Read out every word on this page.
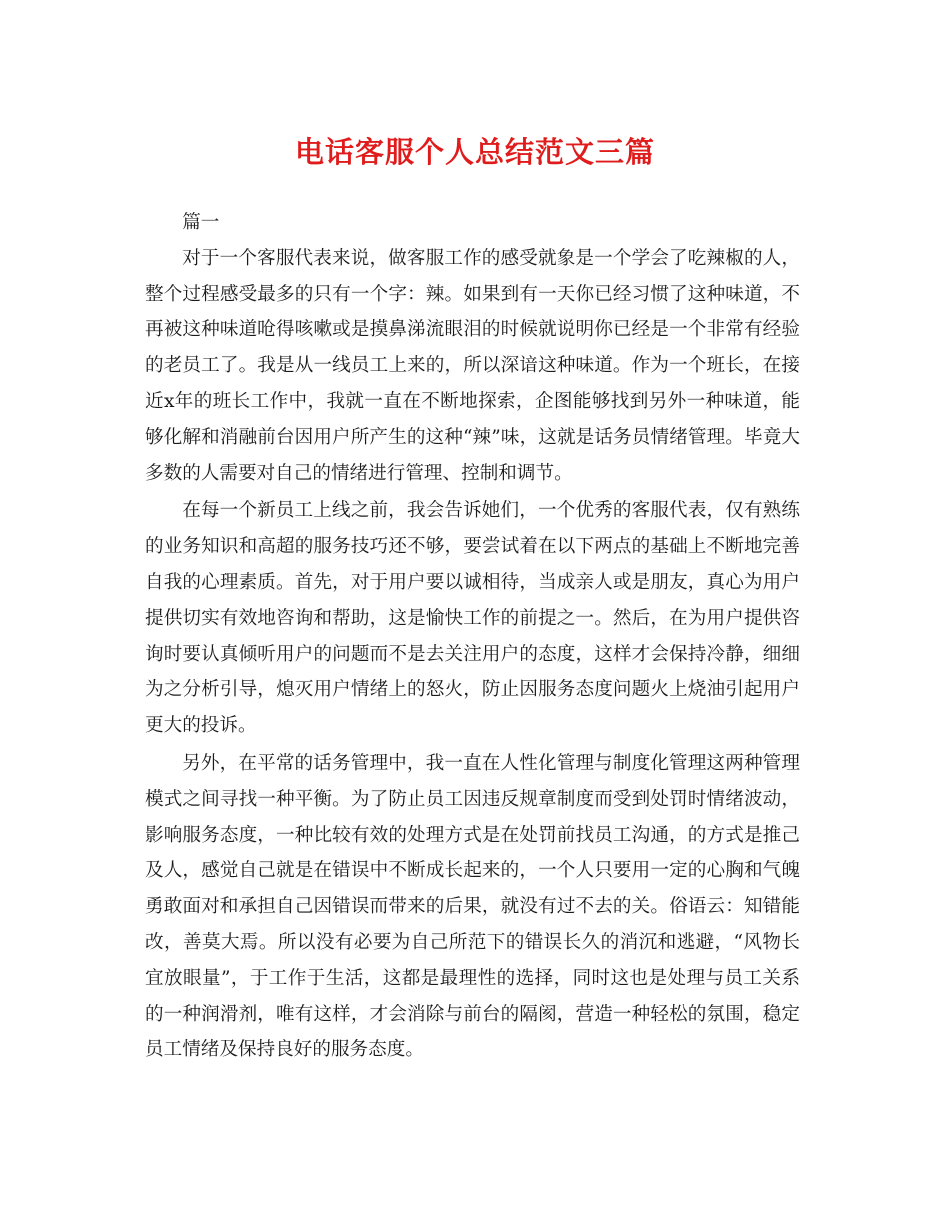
电话客服个人总结范文三篇

篇一

对于一个客服代表来说，做客服工作的感受就象是一个学会了吃辣椒的人，整个过程感受最多的只有一个字：辣。如果到有一天你已经习惯了这种味道，不再被这种味道呛得咳嗽或是摸鼻涕流眼泪的时候就说明你已经是一个非常有经验的老员工了。我是从一线员工上来的，所以深谙这种味道。作为一个班长，在接近x年的班长工作中，我就一直在不断地探索，企图能够找到另外一种味道，能够化解和消融前台因用户所产生的这种“辣”味，这就是话务员情绪管理。毕竟大多数的人需要对自己的情绪进行管理、控制和调节。

在每一个新员工上线之前，我会告诉她们，一个优秀的客服代表，仅有熟练的业务知识和高超的服务技巧还不够，要尝试着在以下两点的基础上不断地完善自我的心理素质。首先，对于用户要以诚相待，当成亲人或是朋友，真心为用户提供切实有效地咨询和帮助，这是愉快工作的前提之一。然后，在为用户提供咨询时要认真倾听用户的问题而不是去关注用户的态度，这样才会保持冷静，细细为之分析引导，熄灭用户情绪上的怒火，防止因服务态度问题火上烧油引起用户更大的投诉。

另外，在平常的话务管理中，我一直在人性化管理与制度化管理这两种管理模式之间寻找一种平衡。为了防止员工因违反规章制度而受到处罚时情绪波动，影响服务态度，一种比较有效的处理方式是在处罚前找员工沟通，的方式是推己及人，感觉自己就是在错误中不断成长起来的，一个人只要用一定的心胸和气魄勇敢面对和承担自己因错误而带来的后果，就没有过不去的关。俗语云：知错能改，善莫大焉。所以没有必要为自己所范下的错误长久的消沉和逃避，“风物长宜放眼量”，于工作于生活，这都是最理性的选择，同时这也是处理与员工关系的一种润滑剂，唯有这样，才会消除与前台的隔阂，营造一种轻松的氛围，稳定员工情绪及保持良好的服务态度。
